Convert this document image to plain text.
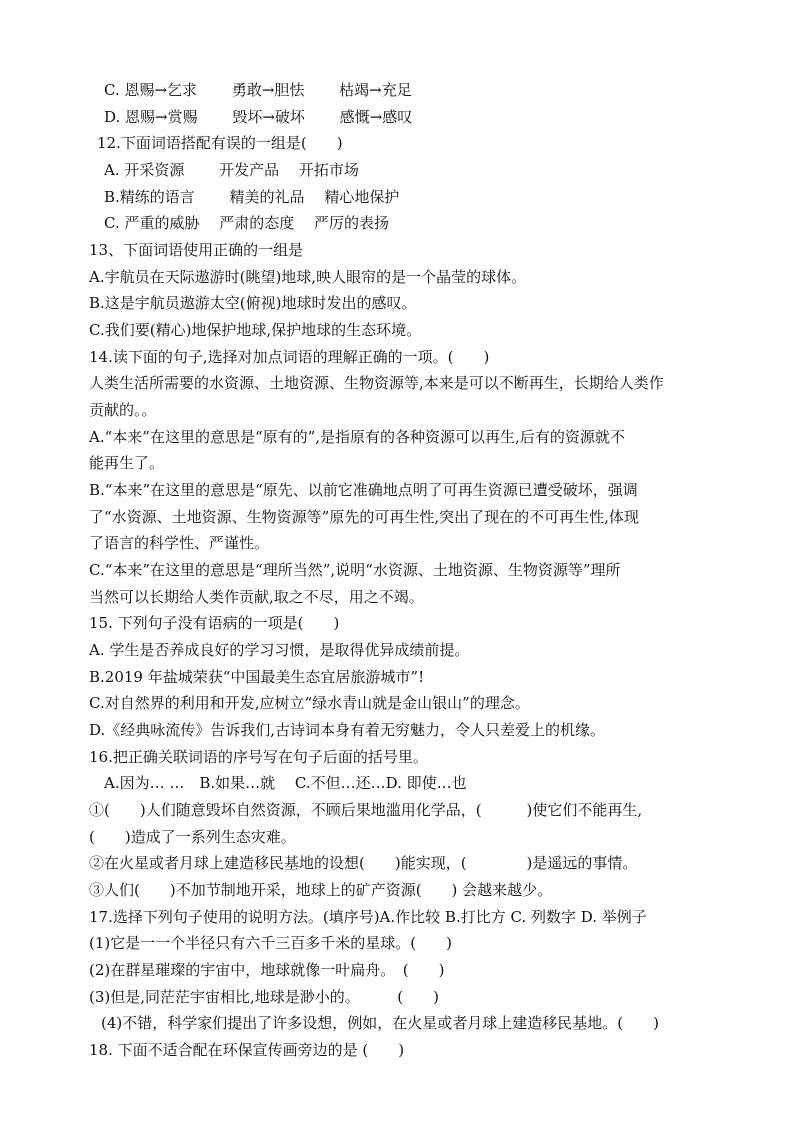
C. 恩赐→乞求　　 勇敢→胆怯　　 枯竭→充足
D. 恩赐→赏赐　　 毁坏→破坏　　 感慨→感叹
12.下面词语搭配有误的一组是(　　)
A. 开采资源　　 开发产品　 开拓市场
B.精练的语言　　 精美的礼品　 精心地保护
C. 严重的威胁　 严肃的态度　 严厉的表扬
13、下面词语使用正确的一组是
A.宇航员在天际遨游时(眺望)地球,映人眼帘的是一个晶莹的球体。
B.这是宇航员遨游太空(俯视)地球时发出的感叹。
C.我们要(精心)地保护地球,保护地球的生态环境。
14.读下面的句子,选择对加点词语的理解正确的一项。(　　)
人类生活所需要的水资源、土地资源、生物资源等,本来是可以不断再生，长期给人类作
贡献的。。
A.“本来”在这里的意思是“原有的”,是指原有的各种资源可以再生,后有的资源就不
能再生了。
B.“本来”在这里的意思是“原先、以前它准确地点明了可再生资源已遭受破坏，强调
了“水资源、土地资源、生物资源等”原先的可再生性,突出了现在的不可再生性,体现
了语言的科学性、严谨性。
C.“本来”在这里的意思是“理所当然”,说明“水资源、土地资源、生物资源等”理所
当然可以长期给人类作贡献,取之不尽，用之不竭。
15. 下列句子没有语病的一项是(　　)
A. 学生是否养成良好的学习习惯，是取得优异成绩前提。
B.2019 年盐城荣获“中国最美生态宜居旅游城市”!
C.对自然界的利用和开发,应树立“绿水青山就是金山银山”的理念。
D.《经典咏流传》告诉我们,古诗词本身有着无穷魅力，令人只差爱上的机缘。
16.把正确关联词语的序号写在句子后面的括号里。
A.因为… …　B.如果…就　 C.不但…还…D. 即使…也
①(　　)人们随意毁坏自然资源，不顾后果地滥用化学品，(　　　)使它们不能再生,
(　　)造成了一系列生态灾难。
②在火星或者月球上建造移民基地的设想(　　)能实现，(　　　　)是遥远的事情。
③人们(　　)不加节制地开采，地球上的矿产资源(　　) 会越来越少。
17.选择下列句子使用的说明方法。(填序号)A.作比较 B.打比方 C. 列数字 D. 举例子
(1)它是一一个半径只有六千三百多千米的星球。(　　)
(2)在群星璀璨的宇宙中，地球就像一叶扁舟。　(　　)
(3)但是,同茫茫宇宙相比,地球是渺小的。　　　(　　)
(4)不错，科学家们提出了许多设想，例如，在火星或者月球上建造移民基地。(　　)
18. 下面不适合配在环保宣传画旁边的是 (　　)
